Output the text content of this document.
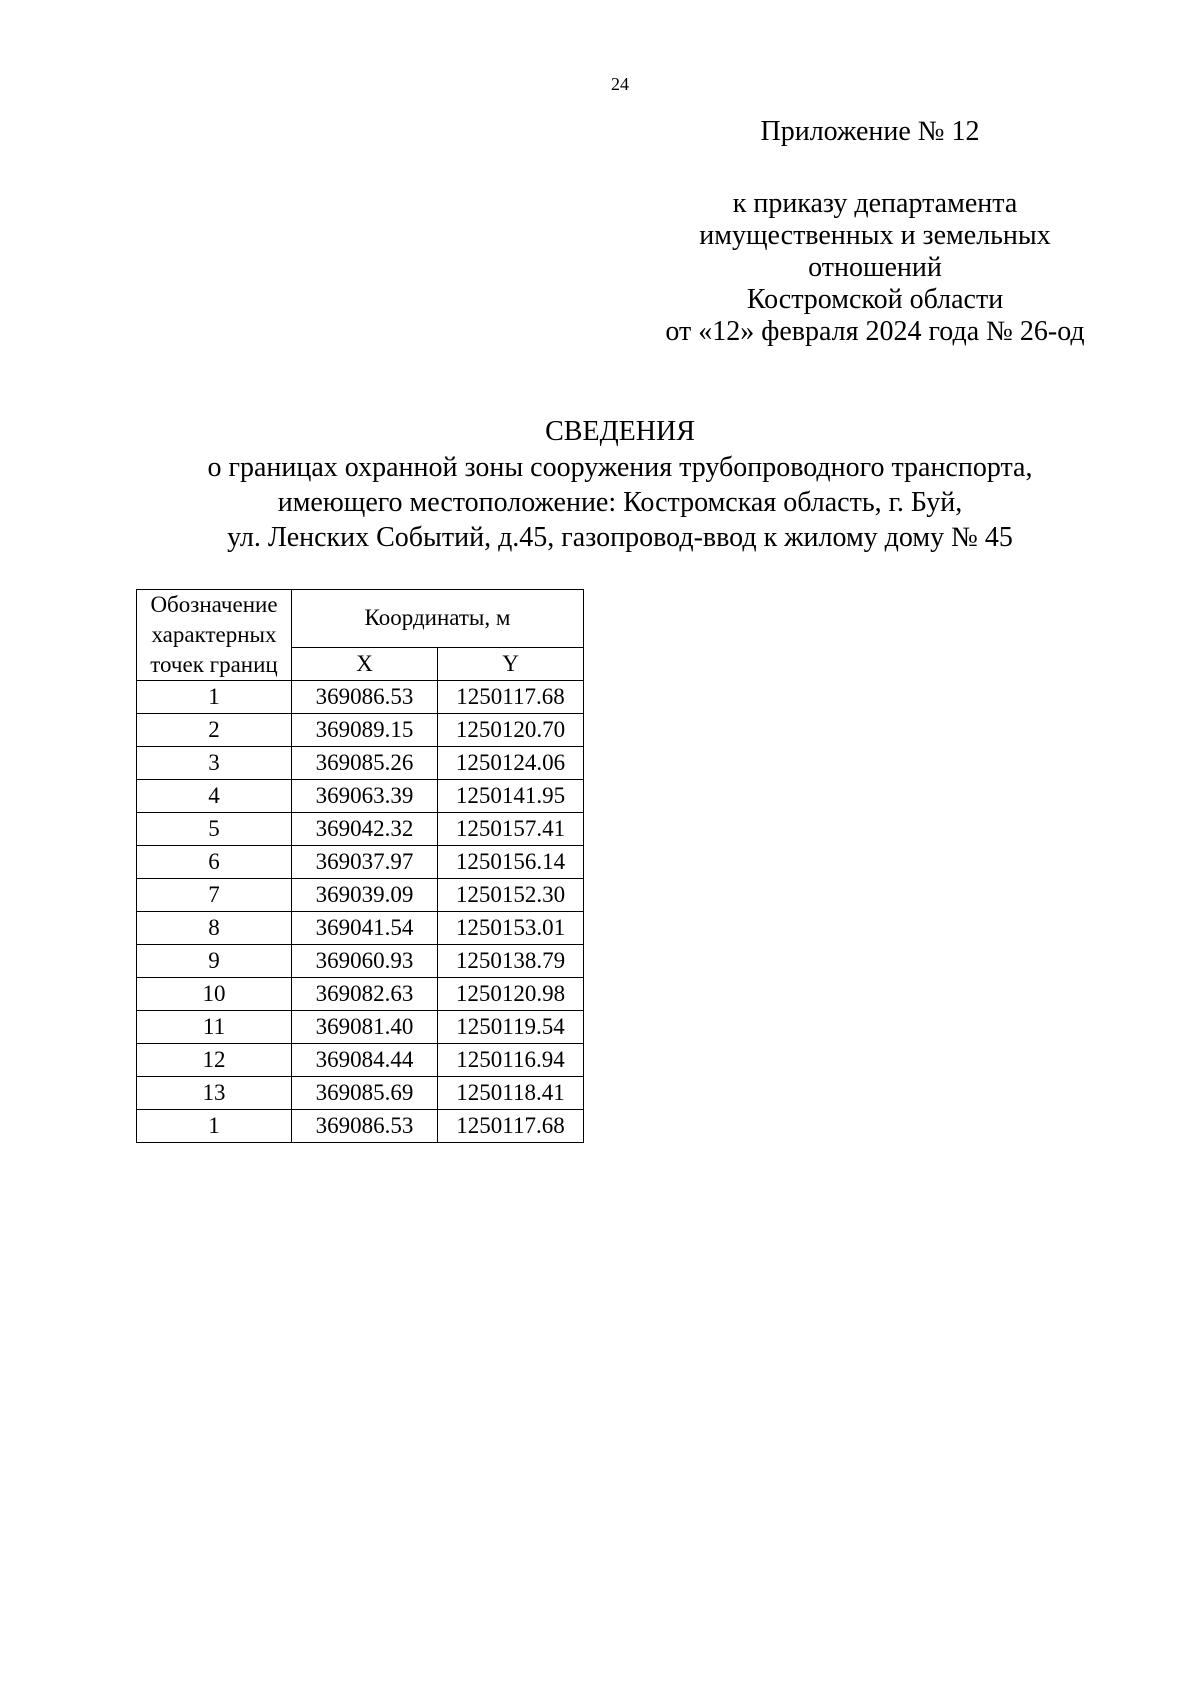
24
Приложение № 12
к приказу департамента
имущественных и земельных
отношений
Костромской области
от «12» февраля 2024 года № 26-од
СВЕДЕНИЯ
о границах охранной зоны сооружения трубопроводного транспорта,
имеющего местоположение: Костромская область, г. Буй,
ул. Ленских Событий, д.45, газопровод-ввод к жилому дому № 45
Обозначение характерных точек границ	Координаты, м	
	X	Y
1	369086.53	1250117.68
2	369089.15	1250120.70
3	369085.26	1250124.06
4	369063.39	1250141.95
5	369042.32	1250157.41
6	369037.97	1250156.14
7	369039.09	1250152.30
8	369041.54	1250153.01
9	369060.93	1250138.79
10	369082.63	1250120.98
11	369081.40	1250119.54
12	369084.44	1250116.94
13	369085.69	1250118.41
1	369086.53	1250117.68
